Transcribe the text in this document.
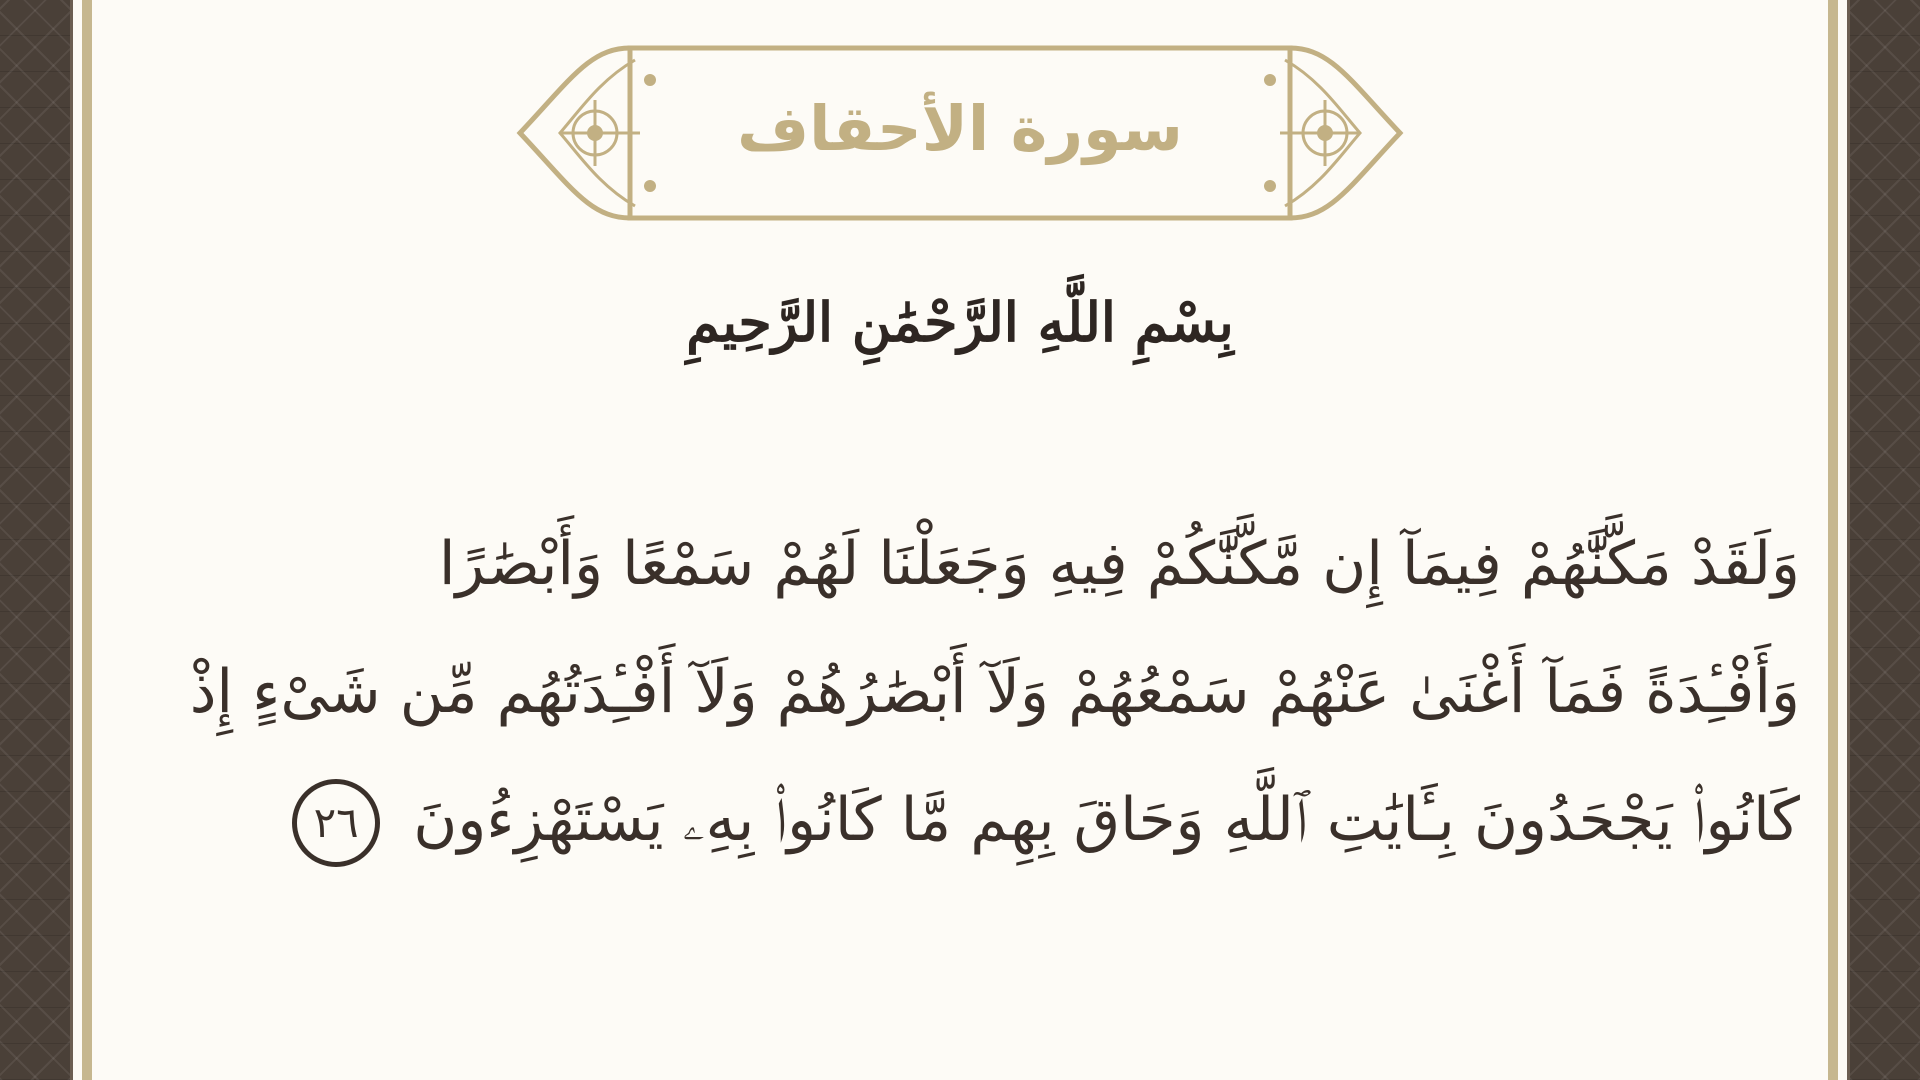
سورة الأحقاف
بِسْمِ اللَّهِ الرَّحْمَٰنِ الرَّحِيمِ
وَلَقَدْ مَكَّنَّٰهُمْ فِيمَآ إِن مَّكَّنَّٰكُمْ فِيهِ وَجَعَلْنَا لَهُمْ سَمْعًا وَأَبْصَٰرًا
وَأَفْـِٔدَةً فَمَآ أَغْنَىٰ عَنْهُمْ سَمْعُهُمْ وَلَآ أَبْصَٰرُهُمْ وَلَآ أَفْـِٔدَتُهُم مِّن شَىْءٍ إِذْ
كَانُوا۟ يَجْحَدُونَ بِـَٔايَٰتِ ٱللَّهِ وَحَاقَ بِهِم مَّا كَانُوا۟ بِهِۦ يَسْتَهْزِءُونَ ٢٦
